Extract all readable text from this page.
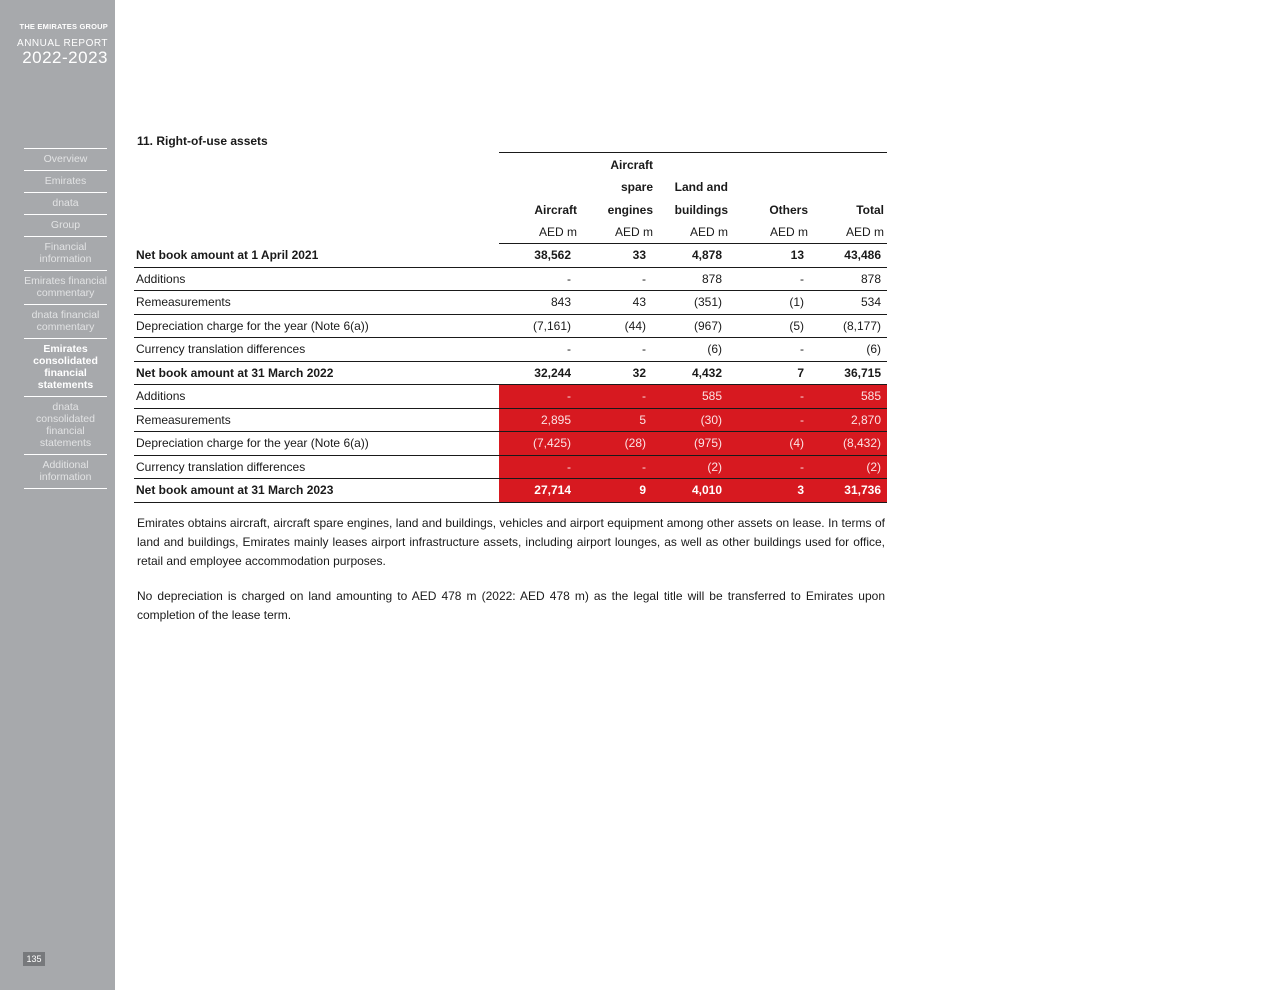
THE EMIRATES GROUP
ANNUAL REPORT
2022-2023
Overview
Emirates
dnata
Group
Financial information
Emirates financial commentary
dnata financial commentary
Emirates consolidated financial statements
dnata consolidated financial statements
Additional information
135
11. Right-of-use assets
		Aircraft			
		spare	Land and		
	Aircraft	engines	buildings	Others	Total
	AED m	AED m	AED m	AED m	AED m
Net book amount at 1 April 2021	38,562	33	4,878	13	43,486
Additions	-	-	878	-	878
Remeasurements	843	43	(351)	(1)	534
Depreciation charge for the year (Note 6(a))	(7,161)	(44)	(967)	(5)	(8,177)
Currency translation differences	-	-	(6)	-	(6)
Net book amount at 31 March 2022	32,244	32	4,432	7	36,715
Additions	-	-	585	-	585
Remeasurements	2,895	5	(30)	-	2,870
Depreciation charge for the year (Note 6(a))	(7,425)	(28)	(975)	(4)	(8,432)
Currency translation differences	-	-	(2)	-	(2)
Net book amount at 31 March 2023	27,714	9	4,010	3	31,736
Emirates obtains aircraft, aircraft spare engines, land and buildings, vehicles and airport equipment among other assets on lease. In terms of land and buildings, Emirates mainly leases airport infrastructure assets, including airport lounges, as well as other buildings used for office, retail and employee accommodation purposes.
No depreciation is charged on land amounting to AED 478 m (2022: AED 478 m) as the legal title will be transferred to Emirates upon completion of the lease term.
